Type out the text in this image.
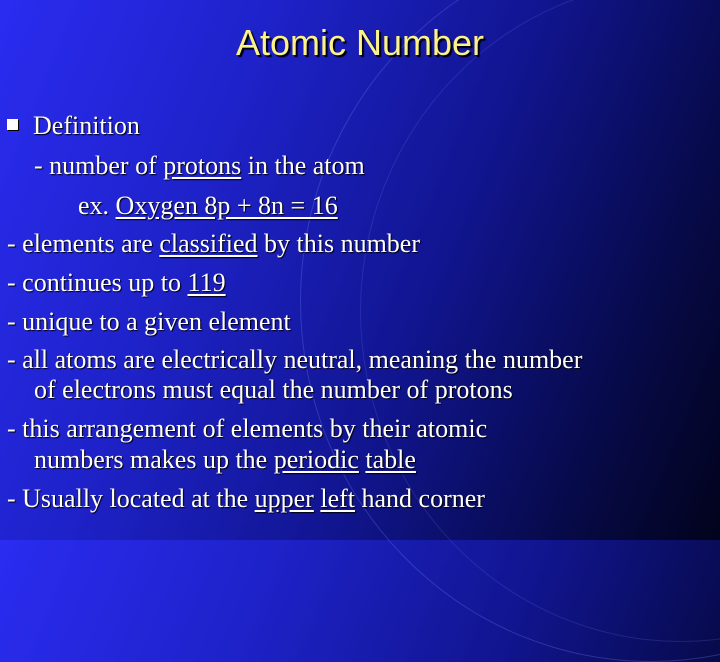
Atomic Number
Definition
- number of protons in the atom
ex. Oxygen 8p + 8n = 16
- elements are classified by this number
- continues up to 119
- unique to a given element
- all atoms are electrically neutral, meaning the number
of electrons must equal the number of protons
- this arrangement of elements by their atomic
numbers makes up the periodic table
- Usually located at the upper left hand corner
